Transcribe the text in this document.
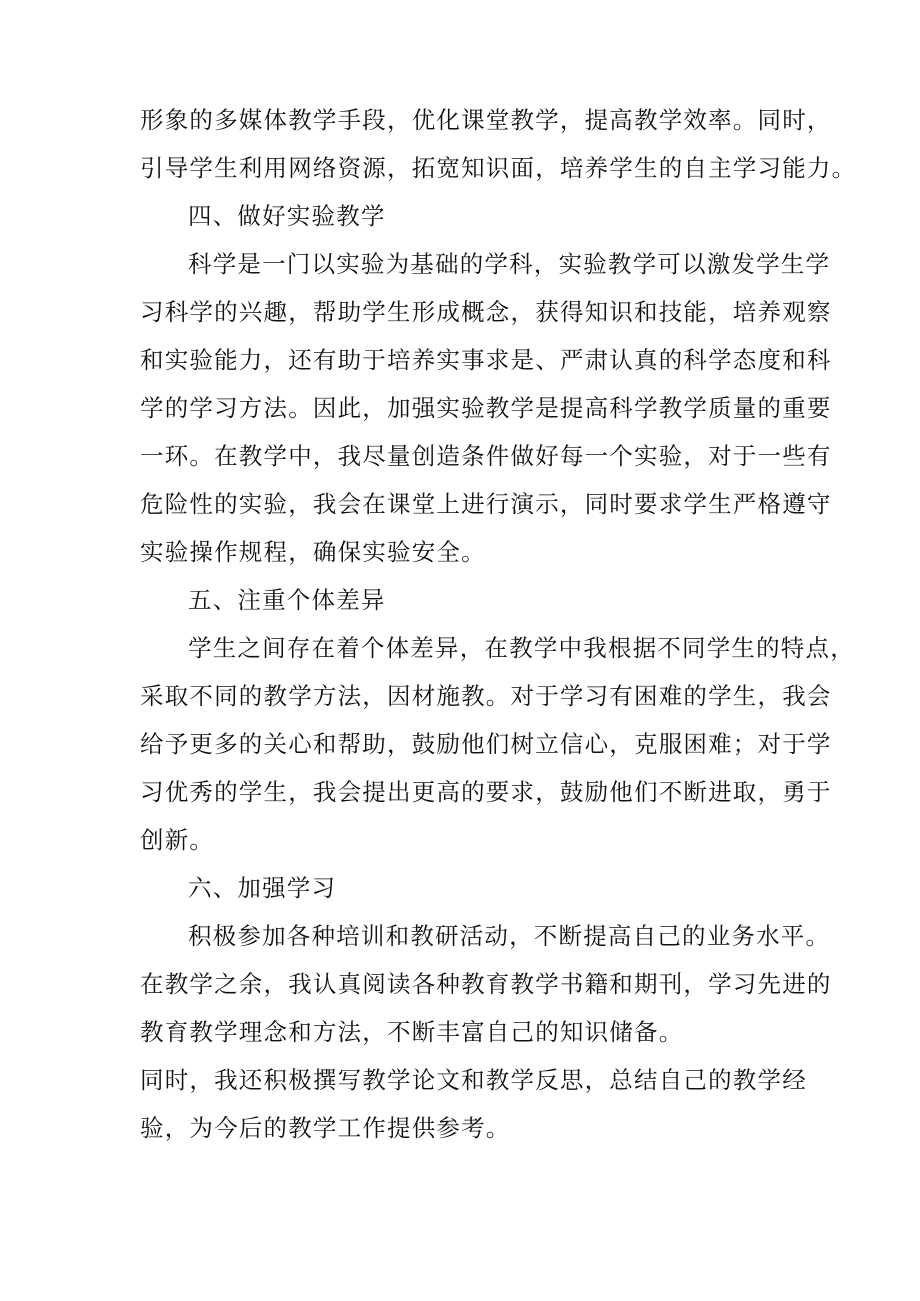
形象的多媒体教学手段，优化课堂教学，提高教学效率。同时，
引导学生利用网络资源，拓宽知识面，培养学生的自主学习能力。
四、做好实验教学
科学是一门以实验为基础的学科，实验教学可以激发学生学
习科学的兴趣，帮助学生形成概念，获得知识和技能，培养观察
和实验能力，还有助于培养实事求是、严肃认真的科学态度和科
学的学习方法。因此，加强实验教学是提高科学教学质量的重要
一环。在教学中，我尽量创造条件做好每一个实验，对于一些有
危险性的实验，我会在课堂上进行演示，同时要求学生严格遵守
实验操作规程，确保实验安全。
五、注重个体差异
学生之间存在着个体差异，在教学中我根据不同学生的特点，
采取不同的教学方法，因材施教。对于学习有困难的学生，我会
给予更多的关心和帮助，鼓励他们树立信心，克服困难；对于学
习优秀的学生，我会提出更高的要求，鼓励他们不断进取，勇于
创新。
六、加强学习
积极参加各种培训和教研活动，不断提高自己的业务水平。
在教学之余，我认真阅读各种教育教学书籍和期刊，学习先进的
教育教学理念和方法，不断丰富自己的知识储备。
同时，我还积极撰写教学论文和教学反思，总结自己的教学经
验，为今后的教学工作提供参考。
